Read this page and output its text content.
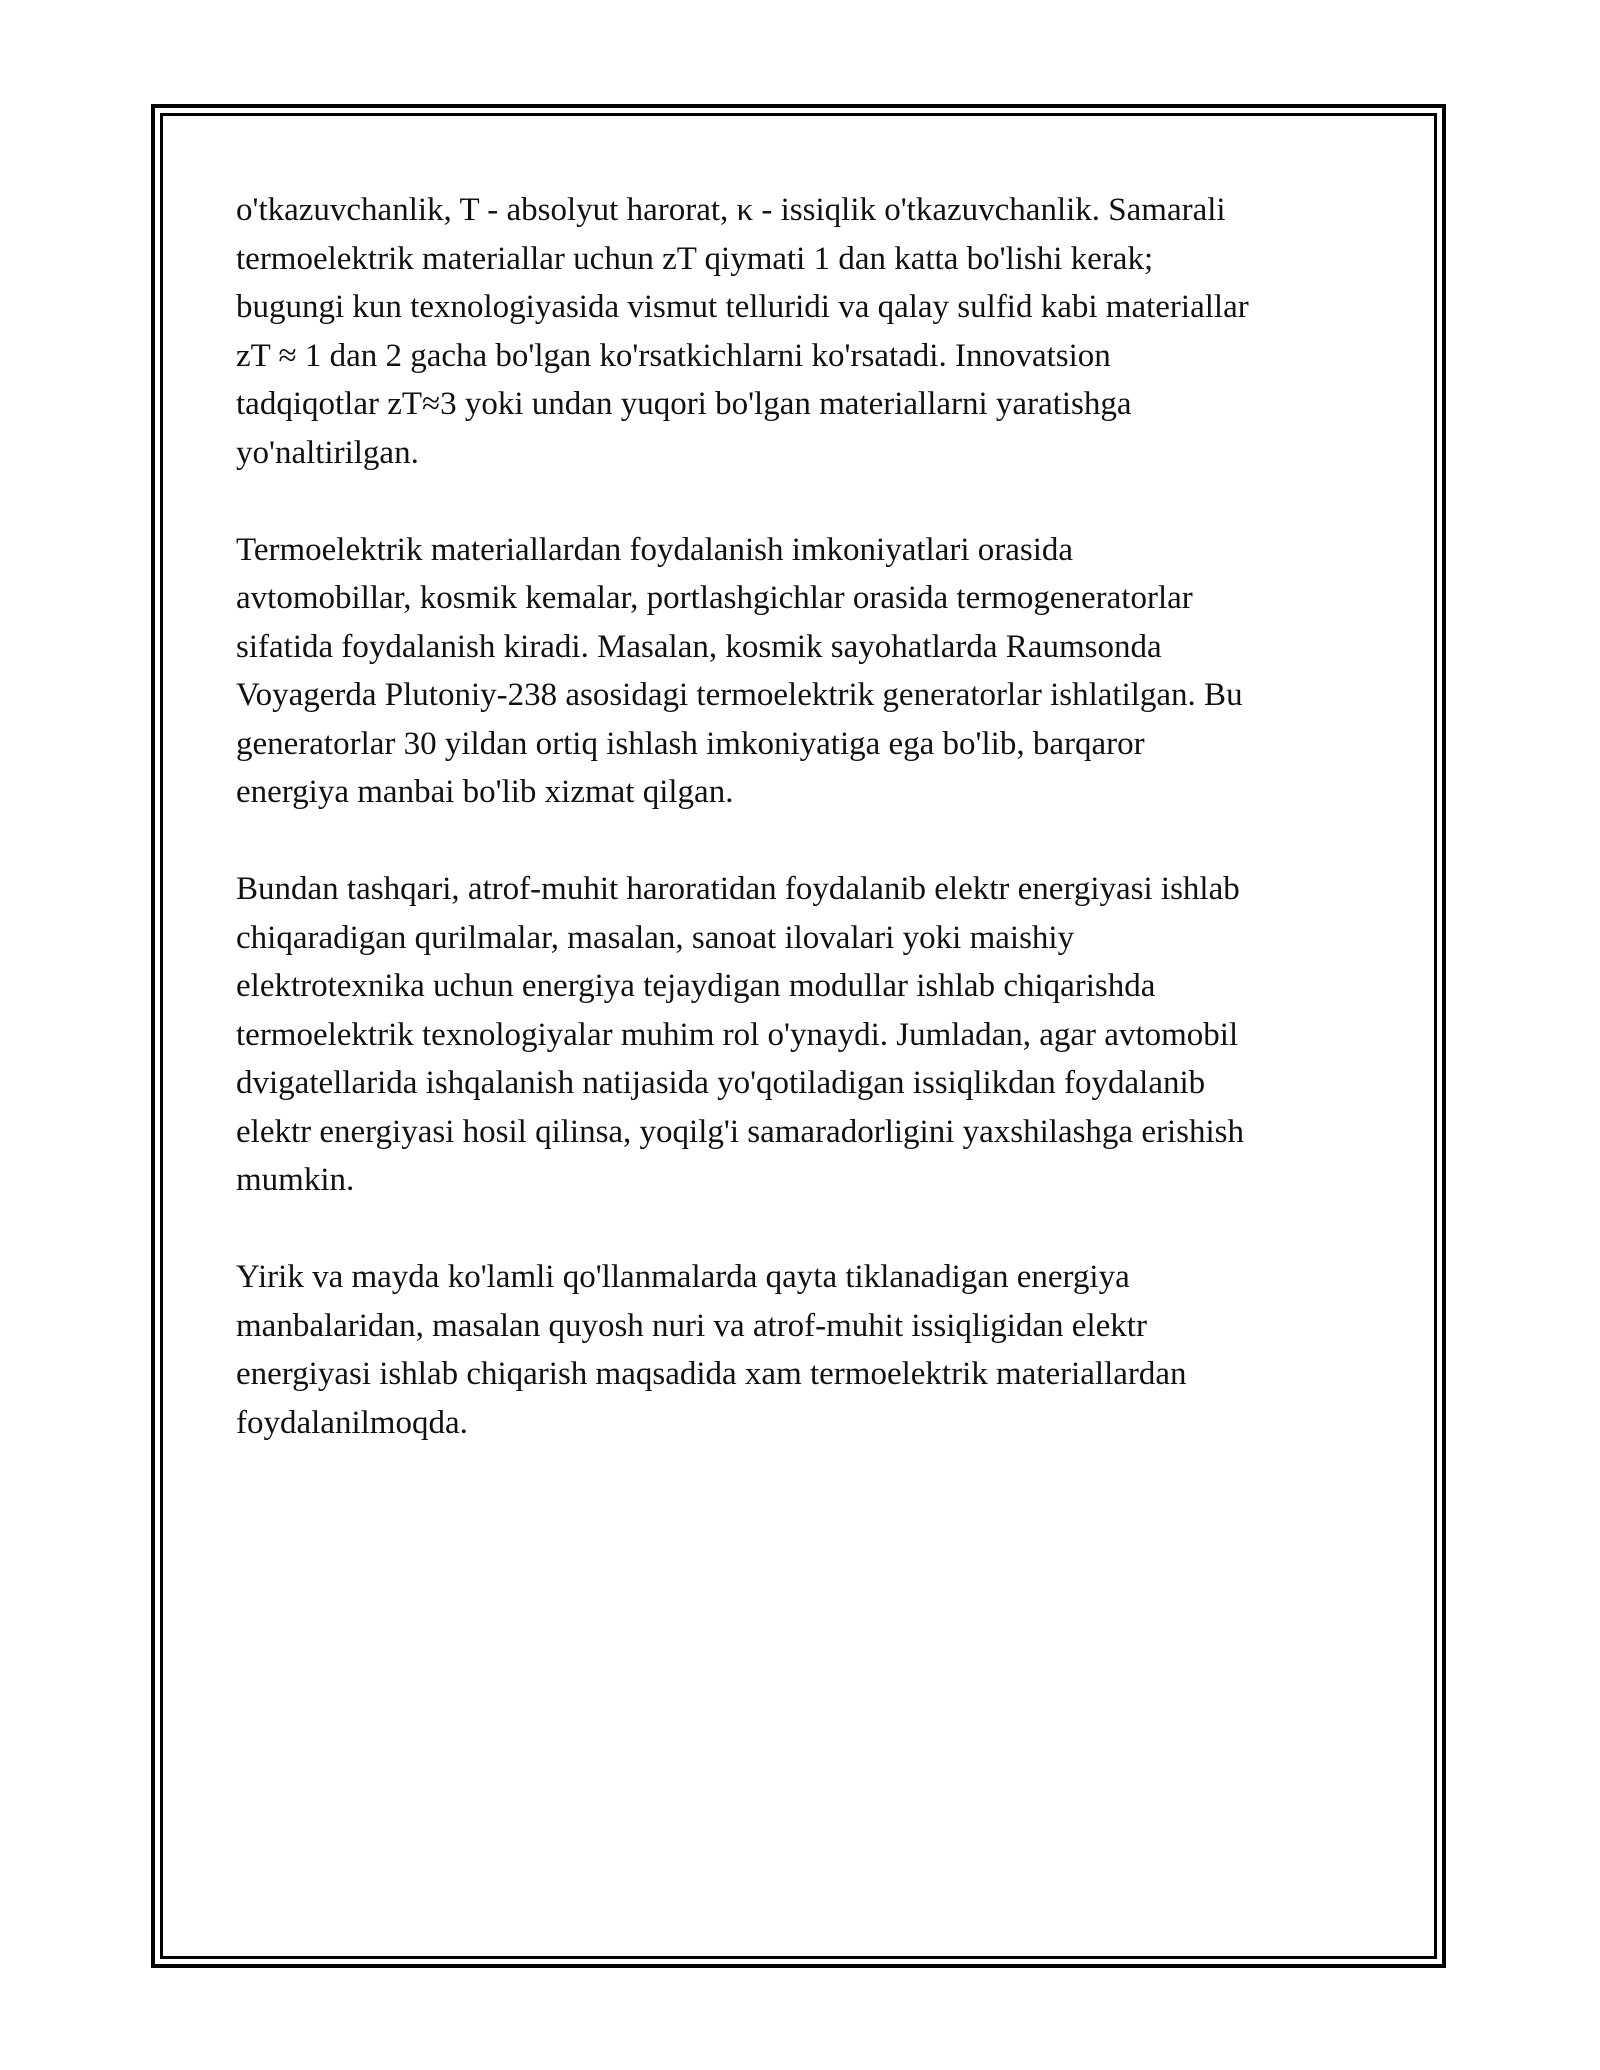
o'tkazuvchanlik, T - absolyut harorat, κ - issiqlik o'tkazuvchanlik. Samarali
termoelektrik materiallar uchun zT qiymati 1 dan katta bo'lishi kerak;
bugungi kun texnologiyasida vismut telluridi va qalay sulfid kabi materiallar
zT ≈ 1 dan 2 gacha bo'lgan ko'rsatkichlarni ko'rsatadi. Innovatsion
tadqiqotlar zT≈3 yoki undan yuqori bo'lgan materiallarni yaratishga
yo'naltirilgan.

Termoelektrik materiallardan foydalanish imkoniyatlari orasida
avtomobillar, kosmik kemalar, portlashgichlar orasida termogeneratorlar
sifatida foydalanish kiradi. Masalan, kosmik sayohatlarda Raumsonda
Voyagerda Plutoniy-238 asosidagi termoelektrik generatorlar ishlatilgan. Bu
generatorlar 30 yildan ortiq ishlash imkoniyatiga ega bo'lib, barqaror
energiya manbai bo'lib xizmat qilgan.

Bundan tashqari, atrof-muhit haroratidan foydalanib elektr energiyasi ishlab
chiqaradigan qurilmalar, masalan, sanoat ilovalari yoki maishiy
elektrotexnika uchun energiya tejaydigan modullar ishlab chiqarishda
termoelektrik texnologiyalar muhim rol o'ynaydi. Jumladan, agar avtomobil
dvigatellarida ishqalanish natijasida yo'qotiladigan issiqlikdan foydalanib
elektr energiyasi hosil qilinsa, yoqilg'i samaradorligini yaxshilashga erishish
mumkin.

Yirik va mayda ko'lamli qo'llanmalarda qayta tiklanadigan energiya
manbalaridan, masalan quyosh nuri va atrof-muhit issiqligidan elektr
energiyasi ishlab chiqarish maqsadida xam termoelektrik materiallardan
foydalanilmoqda.
